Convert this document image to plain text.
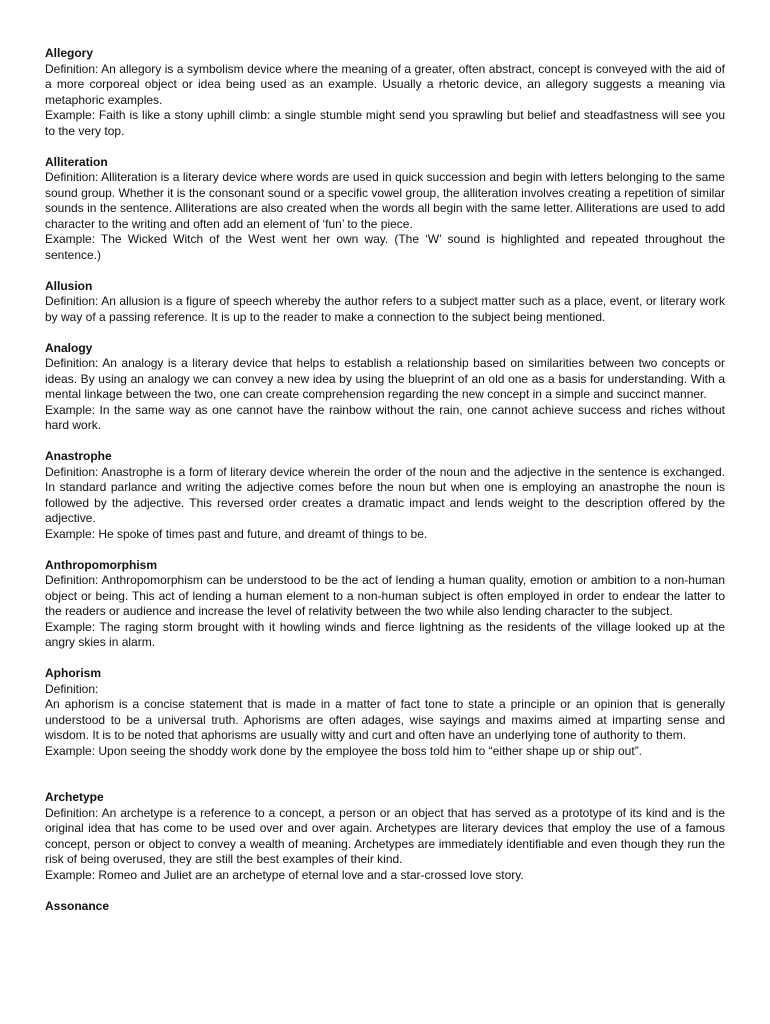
Allegory

Definition: An allegory is a symbolism device where the meaning of a greater, often abstract, concept is conveyed with the aid of a more corporeal object or idea being used as an example. Usually a rhetoric device, an allegory suggests a meaning via metaphoric examples.

Example: Faith is like a stony uphill climb: a single stumble might send you sprawling but belief and steadfastness will see you to the very top.

Alliteration

Definition: Alliteration is a literary device where words are used in quick succession and begin with letters belonging to the same sound group. Whether it is the consonant sound or a specific vowel group, the alliteration involves creating a repetition of similar sounds in the sentence. Alliterations are also created when the words all begin with the same letter. Alliterations are used to add character to the writing and often add an element of ‘fun’ to the piece.

Example: The Wicked Witch of the West went her own way. (The ‘W’ sound is highlighted and repeated throughout the sentence.)

Allusion

Definition: An allusion is a figure of speech whereby the author refers to a subject matter such as a place, event, or literary work by way of a passing reference. It is up to the reader to make a connection to the subject being mentioned.

Analogy

Definition: An analogy is a literary device that helps to establish a relationship based on similarities between two concepts or ideas. By using an analogy we can convey a new idea by using the blueprint of an old one as a basis for understanding. With a mental linkage between the two, one can create comprehension regarding the new concept in a simple and succinct manner.

Example: In the same way as one cannot have the rainbow without the rain, one cannot achieve success and riches without hard work.

Anastrophe

Definition: Anastrophe is a form of literary device wherein the order of the noun and the adjective in the sentence is exchanged. In standard parlance and writing the adjective comes before the noun but when one is employing an anastrophe the noun is followed by the adjective. This reversed order creates a dramatic impact and lends weight to the description offered by the adjective.

Example: He spoke of times past and future, and dreamt of things to be.

Anthropomorphism

Definition: Anthropomorphism can be understood to be the act of lending a human quality, emotion or ambition to a non-human object or being. This act of lending a human element to a non-human subject is often employed in order to endear the latter to the readers or audience and increase the level of relativity between the two while also lending character to the subject.

Example: The raging storm brought with it howling winds and fierce lightning as the residents of the village looked up at the angry skies in alarm.

Aphorism

Definition:

An aphorism is a concise statement that is made in a matter of fact tone to state a principle or an opinion that is generally understood to be a universal truth. Aphorisms are often adages, wise sayings and maxims aimed at imparting sense and wisdom. It is to be noted that aphorisms are usually witty and curt and often have an underlying tone of authority to them.

Example: Upon seeing the shoddy work done by the employee the boss told him to “either shape up or ship out”.

Archetype

Definition: An archetype is a reference to a concept, a person or an object that has served as a prototype of its kind and is the original idea that has come to be used over and over again. Archetypes are literary devices that employ the use of a famous concept, person or object to convey a wealth of meaning. Archetypes are immediately identifiable and even though they run the risk of being overused, they are still the best examples of their kind.

Example: Romeo and Juliet are an archetype of eternal love and a star-crossed love story.

Assonance
